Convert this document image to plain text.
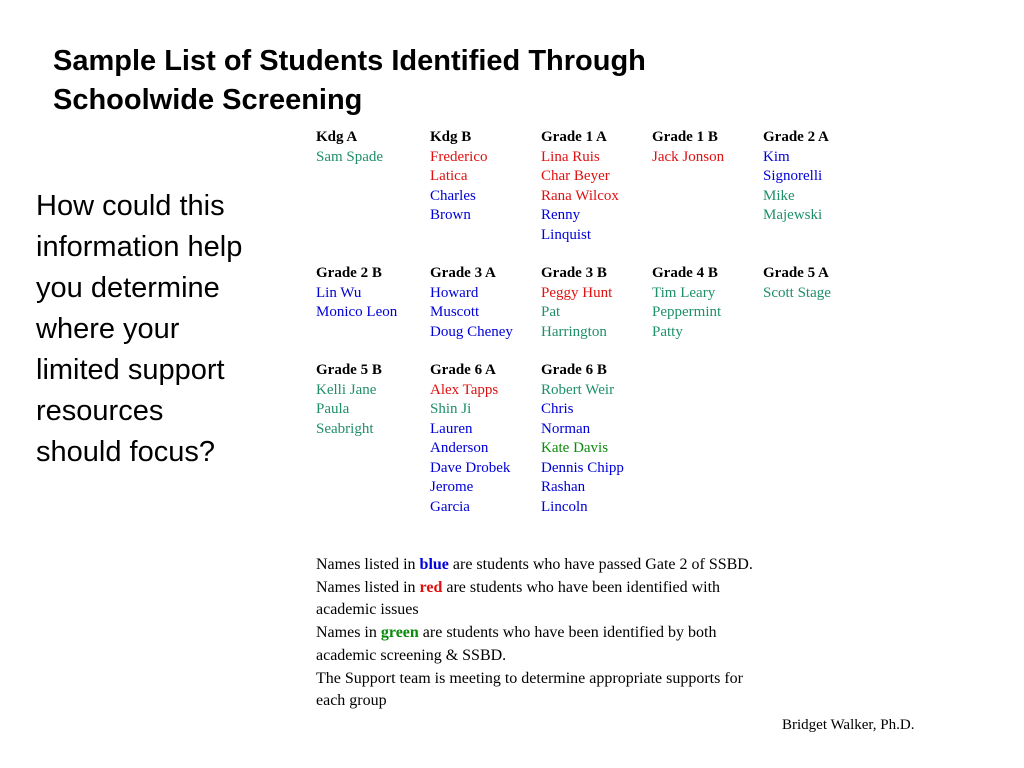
Sample List of Students Identified Through
Schoolwide Screening
How could this
information help
you determine
where your
limited support
resources
should focus?
Kdg A
Sam Spade
Kdg B
Frederico
Latica
Charles
Brown
Grade 1 A
Lina Ruis
Char Beyer
Rana Wilcox
Renny
Linquist
Grade 1 B
Jack Jonson
Grade 2 A
Kim
Signorelli
Mike
Majewski
Grade 2 B
Lin Wu
Monico Leon
Grade 3 A
Howard
Muscott
Doug Cheney
Grade 3 B
Peggy Hunt
Pat
Harrington
Grade 4 B
Tim Leary
Peppermint
Patty
Grade 5 A
Scott Stage
Grade 5 B
Kelli Jane
Paula
Seabright
Grade 6 A
Alex Tapps
Shin Ji
Lauren
Anderson
Dave Drobek
Jerome
Garcia
Grade 6 B
Robert Weir
Chris
Norman
Kate Davis
Dennis Chipp
Rashan
Lincoln
Names listed in blue are students who have passed Gate 2 of SSBD.
Names listed in red are students who have been identified with
academic issues
Names in green are students who have been identified by both
academic screening & SSBD.
The Support team is meeting to determine appropriate supports for
each group
Bridget Walker, Ph.D.
